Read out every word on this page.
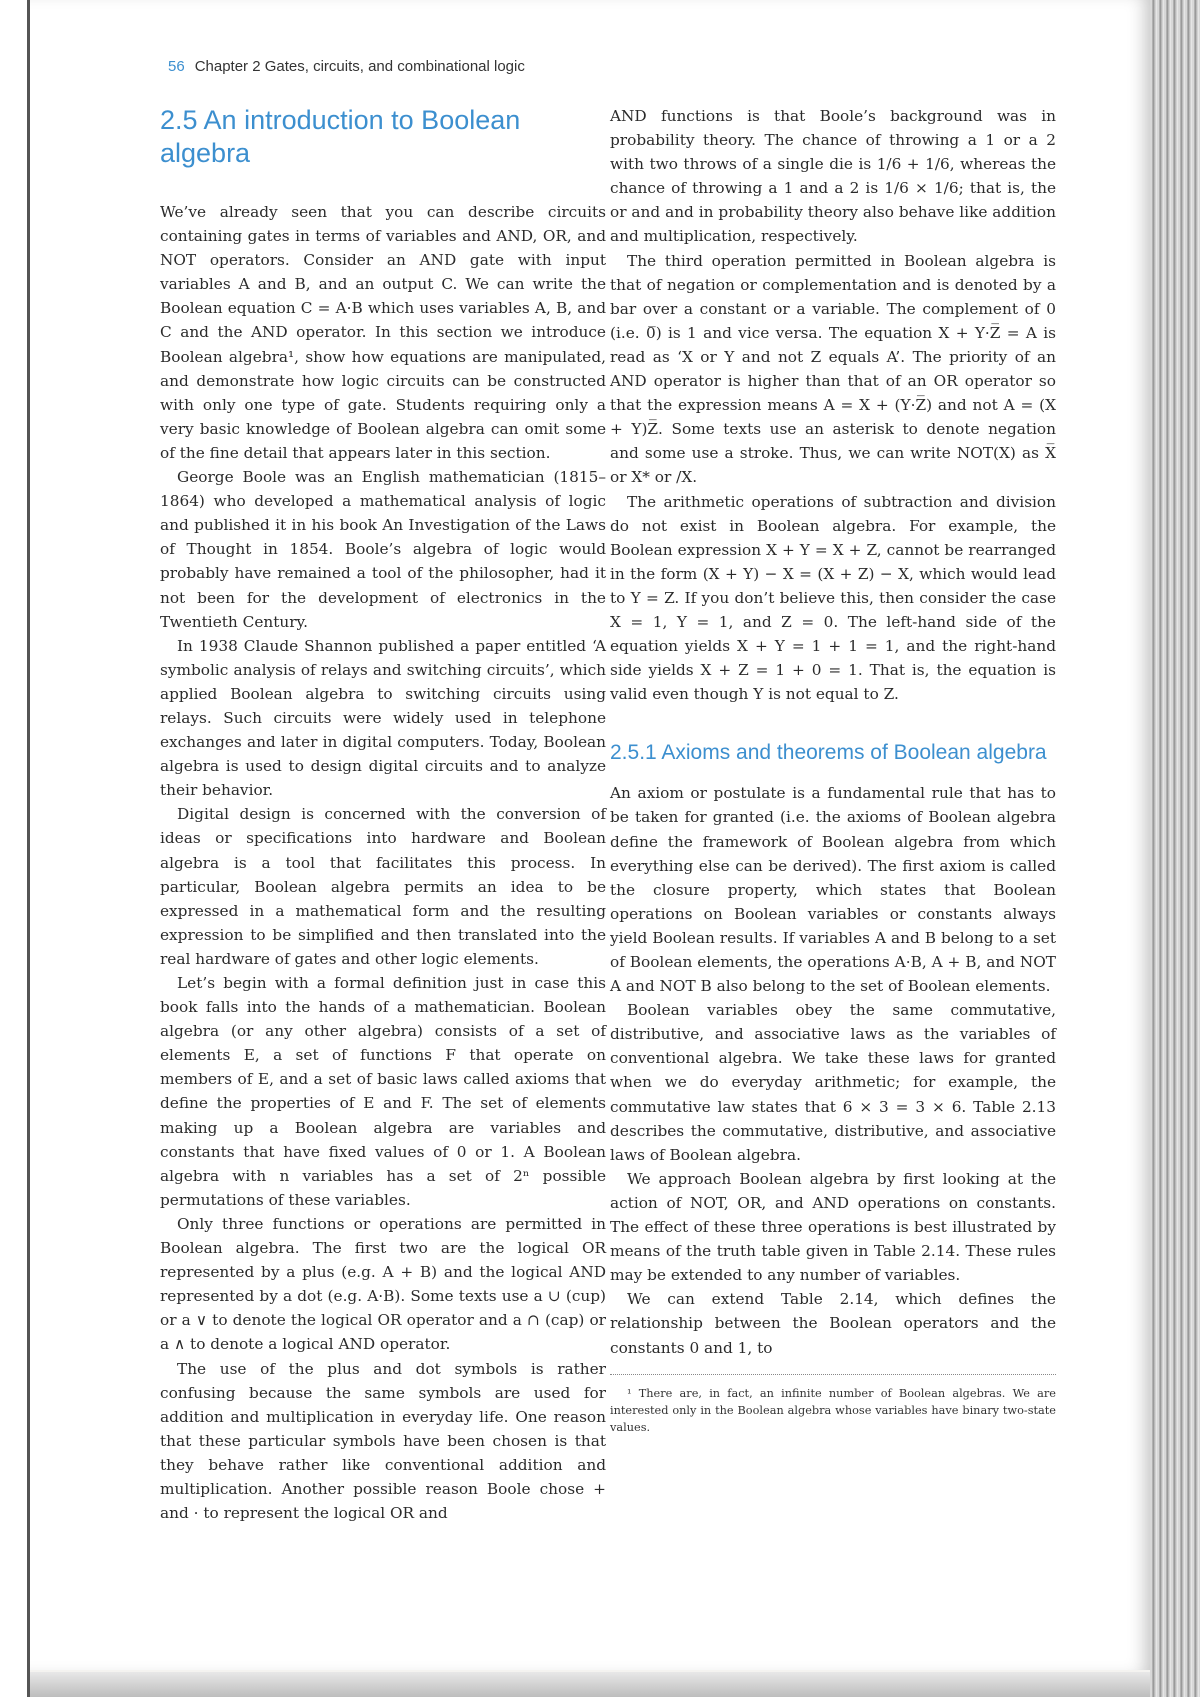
56 Chapter 2 Gates, circuits, and combinational logic
2.5 An introduction to Boolean algebra

We’ve already seen that you can describe circuits containing gates in terms of variables and AND, OR, and NOT operators. Consider an AND gate with input variables A and B, and an output C. We can write the Boolean equation C = A·B which uses variables A, B, and C and the AND operator. In this section we introduce Boolean algebra¹, show how equations are manipulated, and demonstrate how logic circuits can be constructed with only one type of gate. Students requiring only a very basic knowledge of Boolean algebra can omit some of the fine detail that appears later in this section.

George Boole was an English mathematician (1815–1864) who developed a mathematical analysis of logic and published it in his book An Investigation of the Laws of Thought in 1854. Boole’s algebra of logic would probably have remained a tool of the philosopher, had it not been for the development of electronics in the Twentieth Century.

In 1938 Claude Shannon published a paper entitled ‘A symbolic analysis of relays and switching circuits’, which applied Boolean algebra to switching circuits using relays. Such circuits were widely used in telephone exchanges and later in digital computers. Today, Boolean algebra is used to design digital circuits and to analyze their behavior.

Digital design is concerned with the conversion of ideas or specifications into hardware and Boolean algebra is a tool that facilitates this process. In particular, Boolean algebra permits an idea to be expressed in a mathematical form and the resulting expression to be simplified and then translated into the real hardware of gates and other logic elements.

Let’s begin with a formal definition just in case this book falls into the hands of a mathematician. Boolean algebra (or any other algebra) consists of a set of elements E, a set of functions F that operate on members of E, and a set of basic laws called axioms that define the properties of E and F. The set of elements making up a Boolean algebra are variables and constants that have fixed values of 0 or 1. A Boolean algebra with n variables has a set of 2ⁿ possible permutations of these variables.

Only three functions or operations are permitted in Boolean algebra. The first two are the logical OR represented by a plus (e.g. A + B) and the logical AND represented by a dot (e.g. A·B). Some texts use a ∪ (cup) or a ∨ to denote the logical OR operator and a ∩ (cap) or a ∧ to denote a logical AND operator.

The use of the plus and dot symbols is rather confusing because the same symbols are used for addition and multiplication in everyday life. One reason that these particular symbols have been chosen is that they behave rather like conventional addition and multiplication. Another possible reason Boole chose + and · to represent the logical OR and

AND functions is that Boole’s background was in probability theory. The chance of throwing a 1 or a 2 with two throws of a single die is 1/6 + 1/6, whereas the chance of throwing a 1 and a 2 is 1/6 × 1/6; that is, the or and and in probability theory also behave like addition and multiplication, respectively.

The third operation permitted in Boolean algebra is that of negation or complementation and is denoted by a bar over a constant or a variable. The complement of 0 (i.e. 0̅) is 1 and vice versa. The equation X + Y·Z̅ = A is read as ‘X or Y and not Z equals A’. The priority of an AND operator is higher than that of an OR operator so that the expression means A = X + (Y·Z̅) and not A = (X + Y)Z̅. Some texts use an asterisk to denote negation and some use a stroke. Thus, we can write NOT(X) as X̅ or X* or /X.

The arithmetic operations of subtraction and division do not exist in Boolean algebra. For example, the Boolean expression X + Y = X + Z, cannot be rearranged in the form (X + Y) − X = (X + Z) − X, which would lead to Y = Z. If you don’t believe this, then consider the case X = 1, Y = 1, and Z = 0. The left-hand side of the equation yields X + Y = 1 + 1 = 1, and the right-hand side yields X + Z = 1 + 0 = 1. That is, the equation is valid even though Y is not equal to Z.

2.5.1 Axioms and theorems of Boolean algebra

An axiom or postulate is a fundamental rule that has to be taken for granted (i.e. the axioms of Boolean algebra define the framework of Boolean algebra from which everything else can be derived). The first axiom is called the closure property, which states that Boolean operations on Boolean variables or constants always yield Boolean results. If variables A and B belong to a set of Boolean elements, the operations A·B, A + B, and NOT A and NOT B also belong to the set of Boolean elements.

Boolean variables obey the same commutative, distributive, and associative laws as the variables of conventional algebra. We take these laws for granted when we do everyday arithmetic; for example, the commutative law states that 6 × 3 = 3 × 6. Table 2.13 describes the commutative, distributive, and associative laws of Boolean algebra.

We approach Boolean algebra by first looking at the action of NOT, OR, and AND operations on constants. The effect of these three operations is best illustrated by means of the truth table given in Table 2.14. These rules may be extended to any number of variables.

We can extend Table 2.14, which defines the relationship between the Boolean operators and the constants 0 and 1, to

¹ There are, in fact, an infinite number of Boolean algebras. We are interested only in the Boolean algebra whose variables have binary two-state values.
